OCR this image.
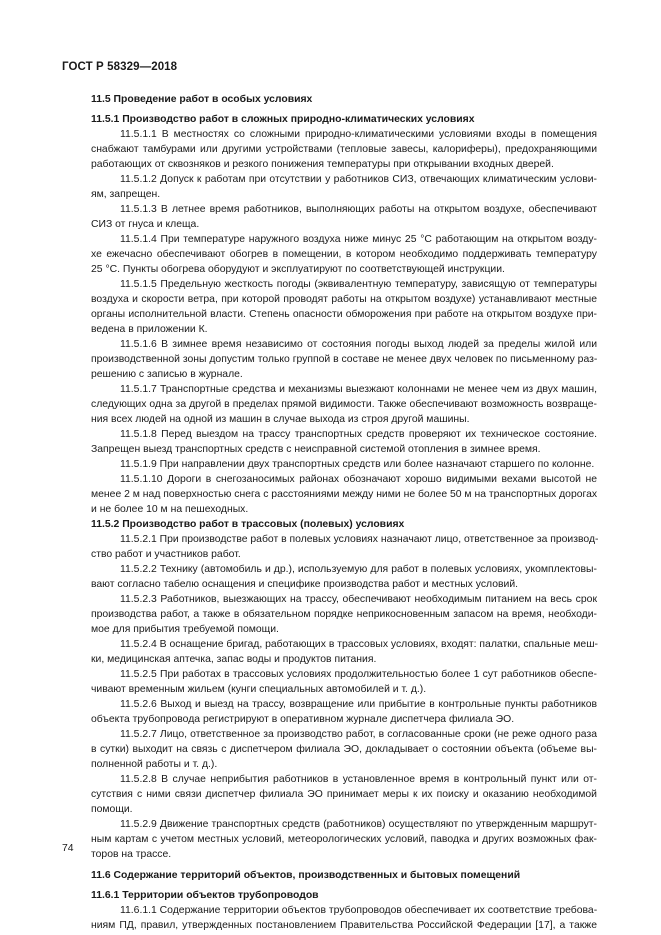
ГОСТ Р 58329—2018
11.5 Проведение работ в особых условиях
11.5.1 Производство работ в сложных природно-климатических условиях
11.5.1.1 В местностях со сложными природно-климатическими условиями входы в помещения
снабжают тамбурами или другими устройствами (тепловые завесы, калориферы), предохраняющими
работающих от сквозняков и резкого понижения температуры при открывании входных дверей.
11.5.1.2 Допуск к работам при отсутствии у работников СИЗ, отвечающих климатическим услови-
ям, запрещен.
11.5.1.3 В летнее время работников, выполняющих работы на открытом воздухе, обеспечивают
СИЗ от гнуса и клеща.
11.5.1.4 При температуре наружного воздуха ниже минус 25 °С работающим на открытом возду-
хе ежечасно обеспечивают обогрев в помещении, в котором необходимо поддерживать температуру
25 °С. Пункты обогрева оборудуют и эксплуатируют по соответствующей инструкции.
11.5.1.5 Предельную жесткость погоды (эквивалентную температуру, зависящую от температуры
воздуха и скорости ветра, при которой проводят работы на открытом воздухе) устанавливают местные
органы исполнительной власти. Степень опасности обморожения при работе на открытом воздухе при-
ведена в приложении К.
11.5.1.6 В зимнее время независимо от состояния погоды выход людей за пределы жилой или
производственной зоны допустим только группой в составе не менее двух человек по письменному раз-
решению с записью в журнале.
11.5.1.7 Транспортные средства и механизмы выезжают колоннами не менее чем из двух машин,
следующих одна за другой в пределах прямой видимости. Также обеспечивают возможность возвраще-
ния всех людей на одной из машин в случае выхода из строя другой машины.
11.5.1.8 Перед выездом на трассу транспортных средств проверяют их техническое состояние.
Запрещен выезд транспортных средств с неисправной системой отопления в зимнее время.
11.5.1.9 При направлении двух транспортных средств или более назначают старшего по колонне.
11.5.1.10 Дороги в снегозаносимых районах обозначают хорошо видимыми вехами высотой не
менее 2 м над поверхностью снега с расстояниями между ними не более 50 м на транспортных дорогах
и не более 10 м на пешеходных.
11.5.2 Производство работ в трассовых (полевых) условиях
11.5.2.1 При производстве работ в полевых условиях назначают лицо, ответственное за производ-
ство работ и участников работ.
11.5.2.2 Технику (автомобиль и др.), используемую для работ в полевых условиях, укомплектовы-
вают согласно табелю оснащения и специфике производства работ и местных условий.
11.5.2.3 Работников, выезжающих на трассу, обеспечивают необходимым питанием на весь срок
производства работ, а также в обязательном порядке неприкосновенным запасом на время, необходи-
мое для прибытия требуемой помощи.
11.5.2.4 В оснащение бригад, работающих в трассовых условиях, входят: палатки, спальные меш-
ки, медицинская аптечка, запас воды и продуктов питания.
11.5.2.5 При работах в трассовых условиях продолжительностью более 1 сут работников обеспе-
чивают временным жильем (кунги специальных автомобилей и т. д.).
11.5.2.6 Выход и выезд на трассу, возвращение или прибытие в контрольные пункты работников
объекта трубопровода регистрируют в оперативном журнале диспетчера филиала ЭО.
11.5.2.7 Лицо, ответственное за производство работ, в согласованные сроки (не реже одного раза
в сутки) выходит на связь с диспетчером филиала ЭО, докладывает о состоянии объекта (объеме вы-
полненной работы и т. д.).
11.5.2.8 В случае неприбытия работников в установленное время в контрольный пункт или от-
сутствия с ними связи диспетчер филиала ЭО принимает меры к их поиску и оказанию необходимой
помощи.
11.5.2.9 Движение транспортных средств (работников) осуществляют по утвержденным маршрут-
ным картам с учетом местных условий, метеорологических условий, паводка и других возможных фак-
торов на трассе.
11.6 Содержание территорий объектов, производственных и бытовых помещений
11.6.1 Территории объектов трубопроводов
11.6.1.1 Содержание территории объектов трубопроводов обеспечивает их соответствие требова-
ниям ПД, правил, утвержденных постановлением Правительства Российской Федерации [17], а также
74
